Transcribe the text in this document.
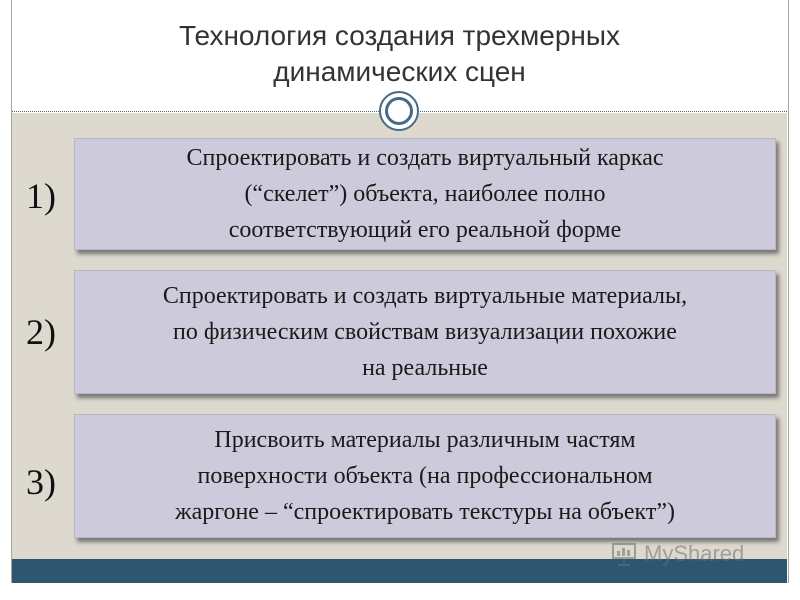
Технология создания трехмерных
динамических сцен
1)
Спроектировать и создать виртуальный каркас
(“скелет”) объекта, наиболее полно
соответствующий его реальной форме
2)
Спроектировать и создать виртуальные материалы,
по физическим свойствам визуализации похожие
на реальные
3)
Присвоить материалы различным частям
поверхности объекта (на профессиональном
жаргоне – “спроектировать текстуры на объект”)
MyShared
